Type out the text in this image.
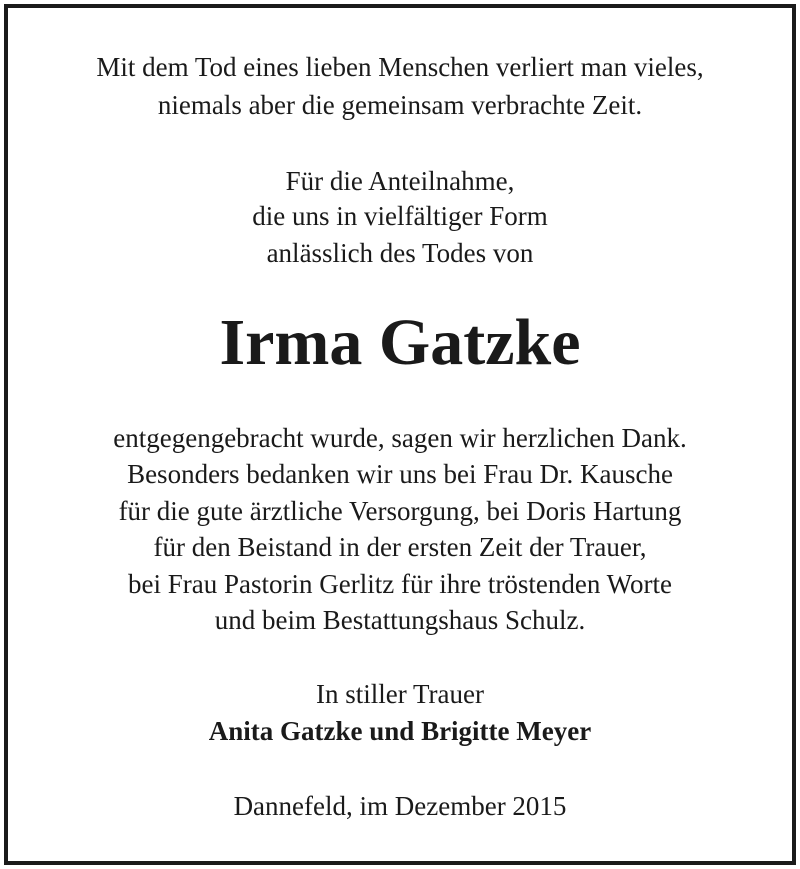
Mit dem Tod eines lieben Menschen verliert man vieles,
niemals aber die gemeinsam verbrachte Zeit.
Für die Anteilnahme,
die uns in vielfältiger Form
anlässlich des Todes von
Irma Gatzke
entgegengebracht wurde, sagen wir herzlichen Dank.
Besonders bedanken wir uns bei Frau Dr. Kausche
für die gute ärztliche Versorgung, bei Doris Hartung
für den Beistand in der ersten Zeit der Trauer,
bei Frau Pastorin Gerlitz für ihre tröstenden Worte
und beim Bestattungshaus Schulz.
In stiller Trauer
Anita Gatzke und Brigitte Meyer
Dannefeld, im Dezember 2015
